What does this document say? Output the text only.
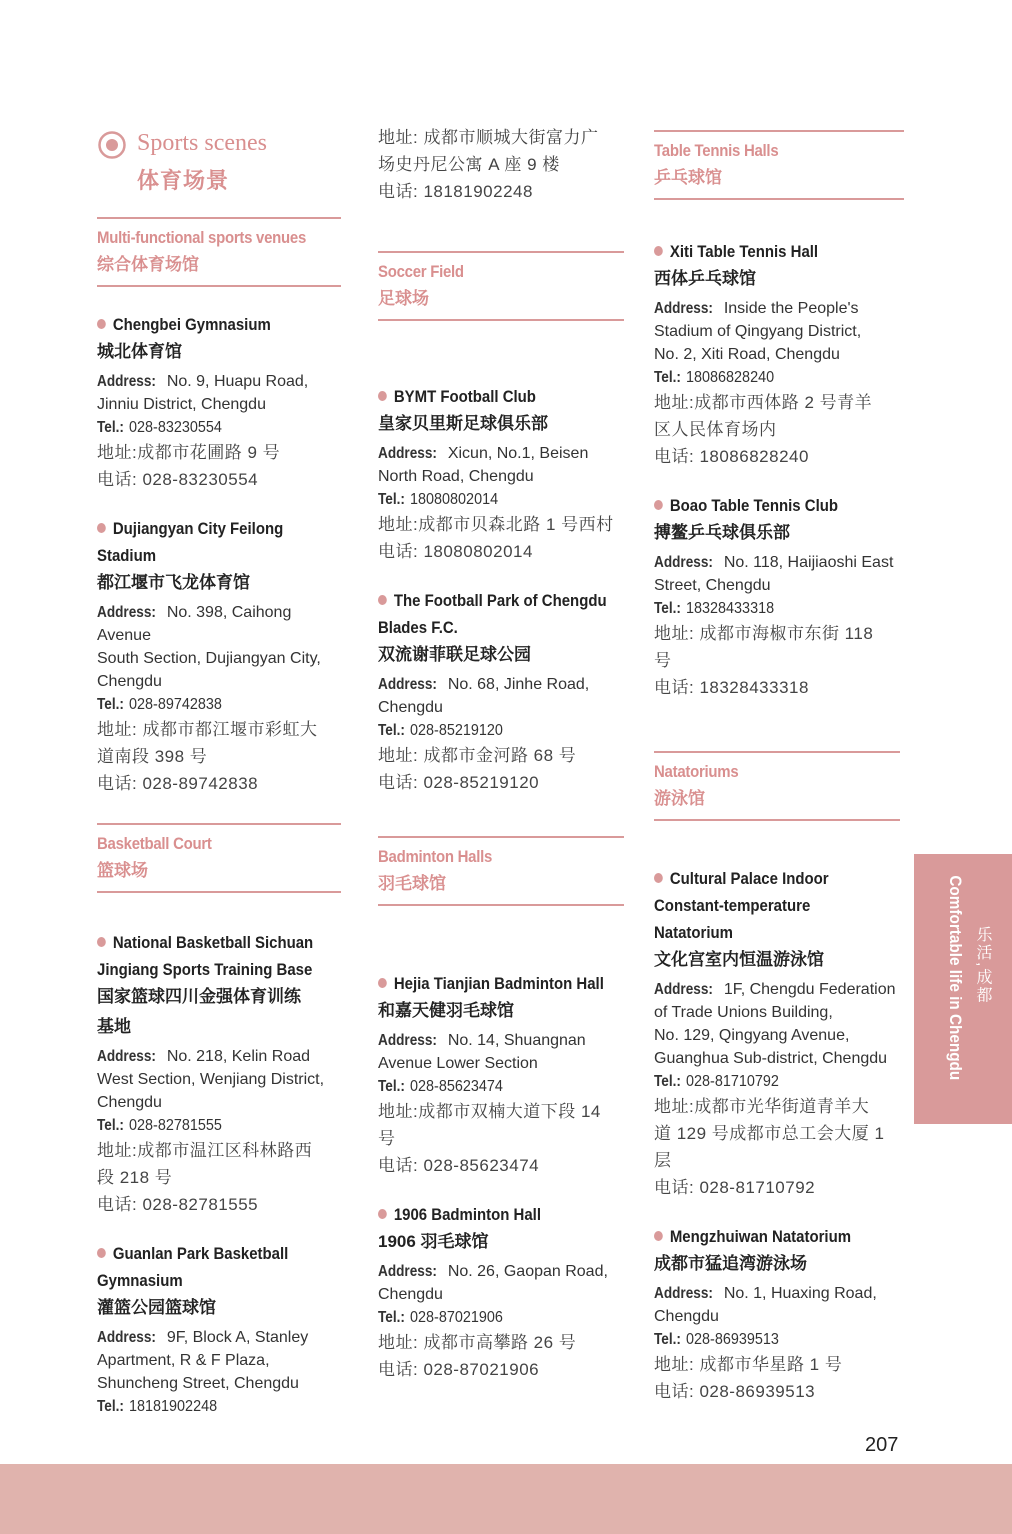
Sports scenes
体育场景
Multi-functional sports venues
综合体育场馆
Chengbei Gymnasium
城北体育馆
Address: No. 9, Huapu Road,
Jinniu District, Chengdu
Tel.: 028-83230554
地址:成都市花圃路 9 号
电话: 028-83230554
Dujiangyan City Feilong
Stadium
都江堰市飞龙体育馆
Address: No. 398, Caihong Avenue
South Section, Dujiangyan City,
Chengdu
Tel.: 028-89742838
地址: 成都市都江堰市彩虹大
道南段 398 号
电话: 028-89742838
Basketball Court
篮球场
National Basketball Sichuan
Jingiang Sports Training Base
国家篮球四川金强体育训练
基地
Address: No. 218, Kelin Road
West Section, Wenjiang District,
Chengdu
Tel.: 028-82781555
地址:成都市温江区科林路西
段 218 号
电话: 028-82781555
Guanlan Park Basketball
Gymnasium
灌篮公园篮球馆
Address: 9F, Block A, Stanley
Apartment, R & F Plaza,
Shuncheng Street, Chengdu
Tel.: 18181902248
地址: 成都市顺城大街富力广
场史丹尼公寓 A 座 9 楼
电话: 18181902248
Soccer Field
足球场
BYMT Football Club
皇家贝里斯足球俱乐部
Address: Xicun, No.1, Beisen
North Road, Chengdu
Tel.: 18080802014
地址:成都市贝森北路 1 号西村
电话: 18080802014
The Football Park of Chengdu
Blades F.C.
双流谢菲联足球公园
Address: No. 68, Jinhe Road,
Chengdu
Tel.: 028-85219120
地址: 成都市金河路 68 号
电话: 028-85219120
Badminton Halls
羽毛球馆
Hejia Tianjian Badminton Hall
和嘉天健羽毛球馆
Address: No. 14, Shuangnan
Avenue Lower Section
Tel.: 028-85623474
地址:成都市双楠大道下段 14
号
电话: 028-85623474
1906 Badminton Hall
1906 羽毛球馆
Address: No. 26, Gaopan Road,
Chengdu
Tel.: 028-87021906
地址: 成都市高攀路 26 号
电话: 028-87021906
Table Tennis Halls
乒乓球馆
Xiti Table Tennis Hall
西体乒乓球馆
Address: Inside the People's
Stadium of Qingyang District,
No. 2, Xiti Road, Chengdu
Tel.: 18086828240
地址:成都市西体路 2 号青羊
区人民体育场内
电话: 18086828240
Boao Table Tennis Club
搏鳌乒乓球俱乐部
Address: No. 118, Haijiaoshi East
Street, Chengdu
Tel.: 18328433318
地址: 成都市海椒市东街 118
号
电话: 18328433318
Natatoriums
游泳馆
Cultural Palace Indoor
Constant-temperature
Natatorium
文化宫室内恒温游泳馆
Address: 1F, Chengdu Federation
of Trade Unions Building,
No. 129, Qingyang Avenue,
Guanghua Sub-district, Chengdu
Tel.: 028-81710792
地址:成都市光华街道青羊大
道 129 号成都市总工会大厦 1
层
电话: 028-81710792
Mengzhuiwan Natatorium
成都市猛追湾游泳场
Address: No. 1, Huaxing Road,
Chengdu
Tel.: 028-86939513
地址: 成都市华星路 1 号
电话: 028-86939513
Comfortable life in Chengdu 乐活,成都
207
